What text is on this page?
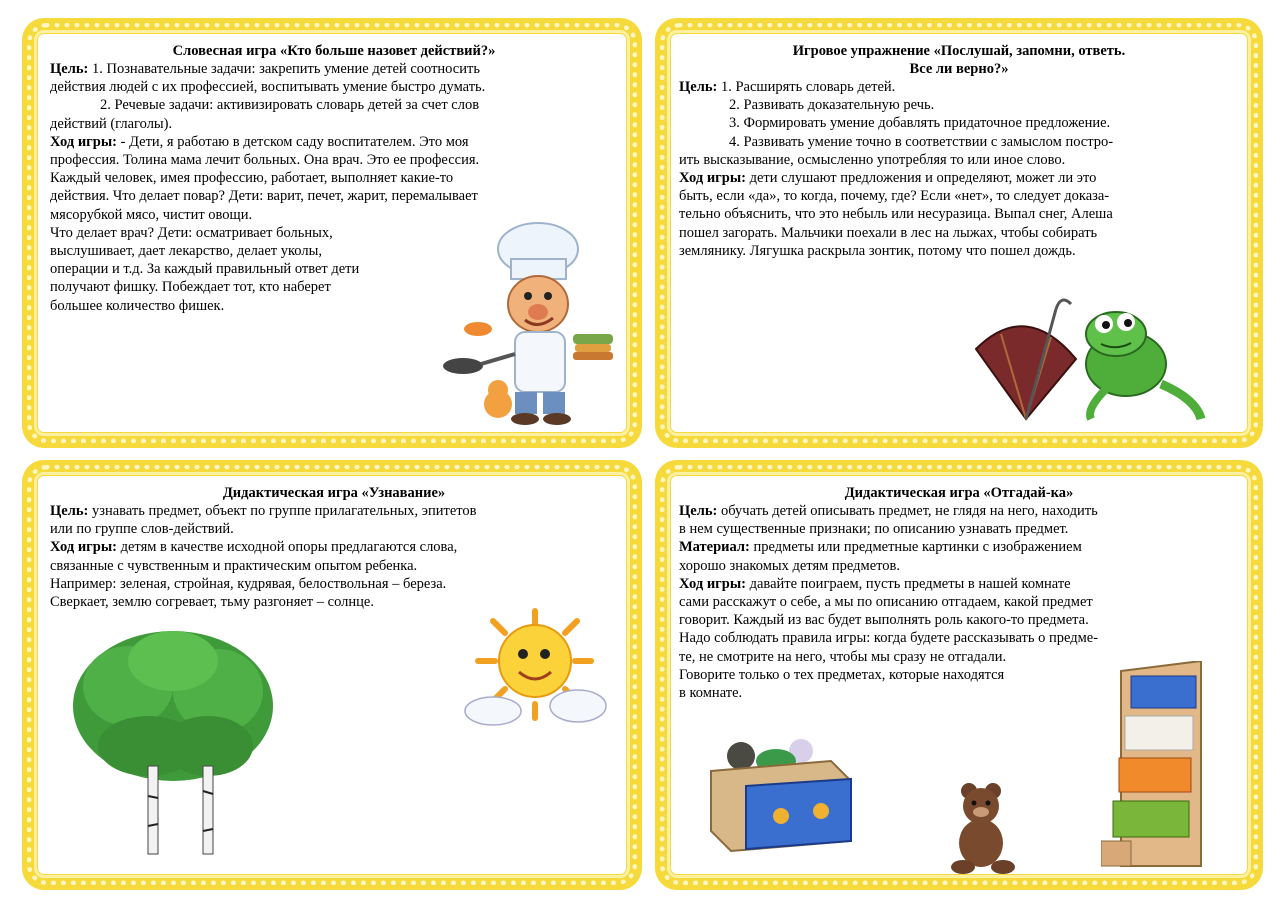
Словесная игра «Кто больше назовет действий?»
Цель: 1. Познавательные задачи: закрепить умение детей соотносить
действия людей с их профессией, воспитывать умение быстро думать.
2. Речевые задачи: активизировать словарь детей за счет слов
действий (глаголы).
Ход игры: - Дети, я работаю в детском саду воспитателем. Это моя
профессия. Толина мама лечит больных. Она врач. Это ее профессия.
Каждый человек, имея профессию, работает, выполняет какие-то
действия. Что делает повар? Дети: варит, печет, жарит, перемалывает
мясорубкой мясо, чистит овощи.
Что делает врач? Дети: осматривает больных,
выслушивает, дает лекарство, делает уколы,
операции и т.д. За каждый правильный ответ дети
получают фишку. Побеждает тот, кто наберет
большее количество фишек.
Игровое упражнение «Послушай, запомни, ответь.
Все ли верно?»
Цель: 1. Расширять словарь детей.
2. Развивать доказательную речь.
3. Формировать умение добавлять придаточное предложение.
4. Развивать умение точно в соответствии с замыслом постро-
ить высказывание, осмысленно употребляя то или иное слово.
Ход игры: дети слушают предложения и определяют, может ли это
быть, если «да», то когда, почему, где? Если «нет», то следует доказа-
тельно объяснить, что это небыль или несуразица. Выпал снег, Алеша
пошел загорать. Мальчики поехали в лес на лыжах, чтобы собирать
землянику. Лягушка раскрыла зонтик, потому что пошел дождь.
Дидактическая игра «Узнавание»
Цель: узнавать предмет, объект по группе прилагательных, эпитетов
или по группе слов-действий.
Ход игры: детям в качестве исходной опоры предлагаются слова,
связанные с чувственным и практическим опытом ребенка.
Например: зеленая, стройная, кудрявая, белоствольная – береза.
Сверкает, землю согревает, тьму разгоняет – солнце.
Дидактическая игра «Отгадай-ка»
Цель: обучать детей описывать предмет, не глядя на него, находить
в нем существенные признаки; по описанию узнавать предмет.
Материал: предметы или предметные картинки с изображением
хорошо знакомых детям предметов.
Ход игры: давайте поиграем, пусть предметы в нашей комнате
сами расскажут о себе, а мы по описанию отгадаем, какой предмет
говорит. Каждый из вас будет выполнять роль какого-то предмета.
Надо соблюдать правила игры: когда будете рассказывать о предме-
те, не смотрите на него, чтобы мы сразу не отгадали.
Говорите только о тех предметах, которые находятся
в комнате.
